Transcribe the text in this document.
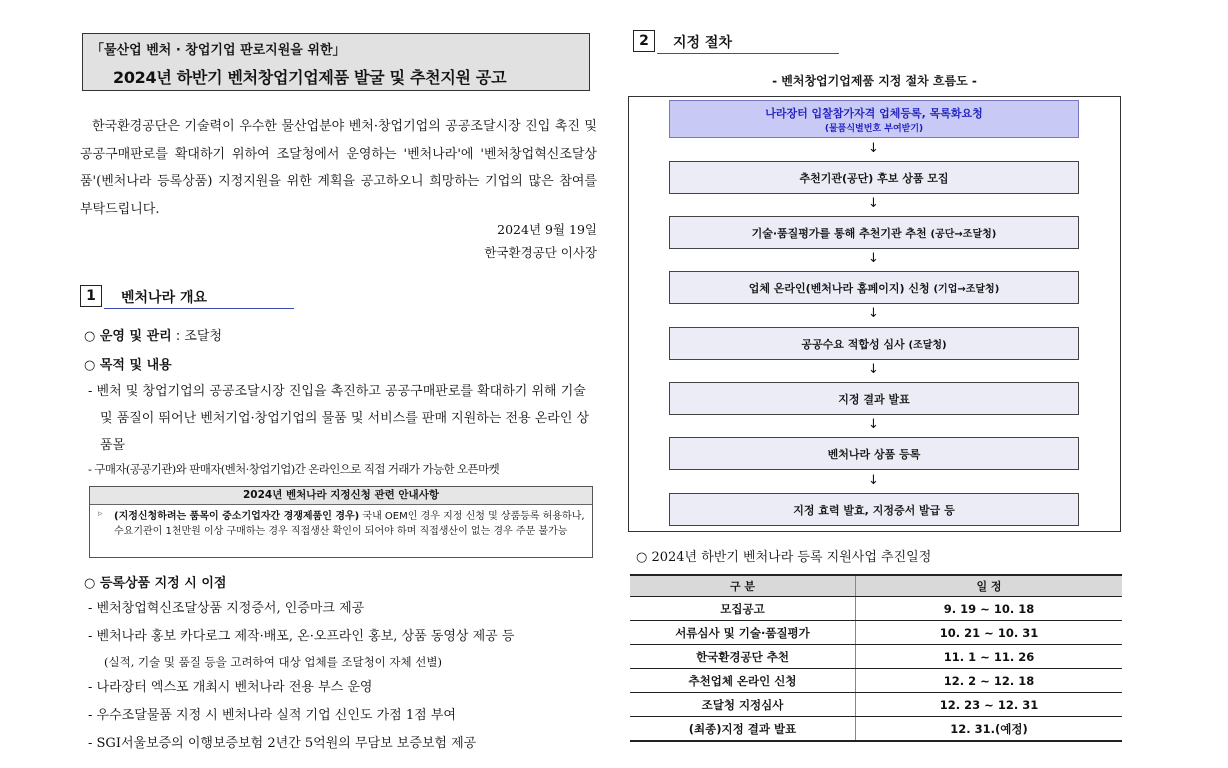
「물산업 벤처 · 창업기업 판로지원을 위한」
2024년 하반기 벤처창업기업제품 발굴 및 추천지원 공고
한국환경공단은 기술력이 우수한 물산업분야 벤처·창업기업의 공공조달시장 진입 촉진 및 공공구매판로를 확대하기 위하여 조달청에서 운영하는 '벤처나라'에 '벤처창업혁신조달상품'(벤처나라 등록상품) 지정지원을 위한 계획을 공고하오니 희망하는 기업의 많은 참여를 부탁드립니다.
2024년 9월 19일
한국환경공단 이사장
1	벤처나라 개요
○ 운영 및 관리 : 조달청
○ 목적 및 내용
- 벤처 및 창업기업의 공공조달시장 진입을 촉진하고 공공구매판로를 확대하기 위해 기술 및 품질이 뛰어난 벤처기업·창업기업의 물품 및 서비스를 판매 지원하는 전용 온라인 상품몰
- 구매자(공공기관)와 판매자(벤처·창업기업)간 온라인으로 직접 거래가 가능한 오픈마켓
2024년 벤처나라 지정신청 관련 안내사항
▹ (지정신청하려는 품목이 중소기업자간 경쟁제품인 경우) 국내 OEM인 경우 지정 신청 및 상품등록 허용하나, 수요기관이 1천만원 이상 구매하는 경우 직접생산 확인이 되어야 하며 직접생산이 없는 경우 주문 불가능
○ 등록상품 지정 시 이점
- 벤처창업혁신조달상품 지정증서, 인증마크 제공
- 벤처나라 홍보 카다로그 제작·배포, 온·오프라인 홍보, 상품 동영상 제공 등
(실적, 기술 및 품질 등을 고려하여 대상 업체를 조달청이 자체 선별)
- 나라장터 엑스포 개최시 벤처나라 전용 부스 운영
- 우수조달물품 지정 시 벤처나라 실적 기업 신인도 가점 1점 부여
- SGI서울보증의 이행보증보험 2년간 5억원의 무담보 보증보험 제공
2	지정 절차
- 벤처창업기업제품 지정 절차 흐름도 -
나라장터 입찰참가자격 업체등록, 목록화요청
(물품식별번호 부여받기)
↓
추천기관(공단) 후보 상품 모집
↓
기술·품질평가를 통해 추천기관 추천 (공단→조달청)
↓
업체 온라인(벤처나라 홈페이지) 신청 (기업→조달청)
↓
공공수요 적합성 심사 (조달청)
↓
지정 결과 발표
↓
벤처나라 상품 등록
↓
지정 효력 발효, 지정증서 발급 등
○ 2024년 하반기 벤처나라 등록 지원사업 추진일정
구 분	일 정
모집공고	9. 19 ~ 10. 18
서류심사 및 기술·품질평가	10. 21 ~ 10. 31
한국환경공단 추천	11. 1 ~ 11. 26
추천업체 온라인 신청	12. 2 ~ 12. 18
조달청 지정심사	12. 23 ~ 12. 31
(최종)지정 결과 발표	12. 31.(예정)
